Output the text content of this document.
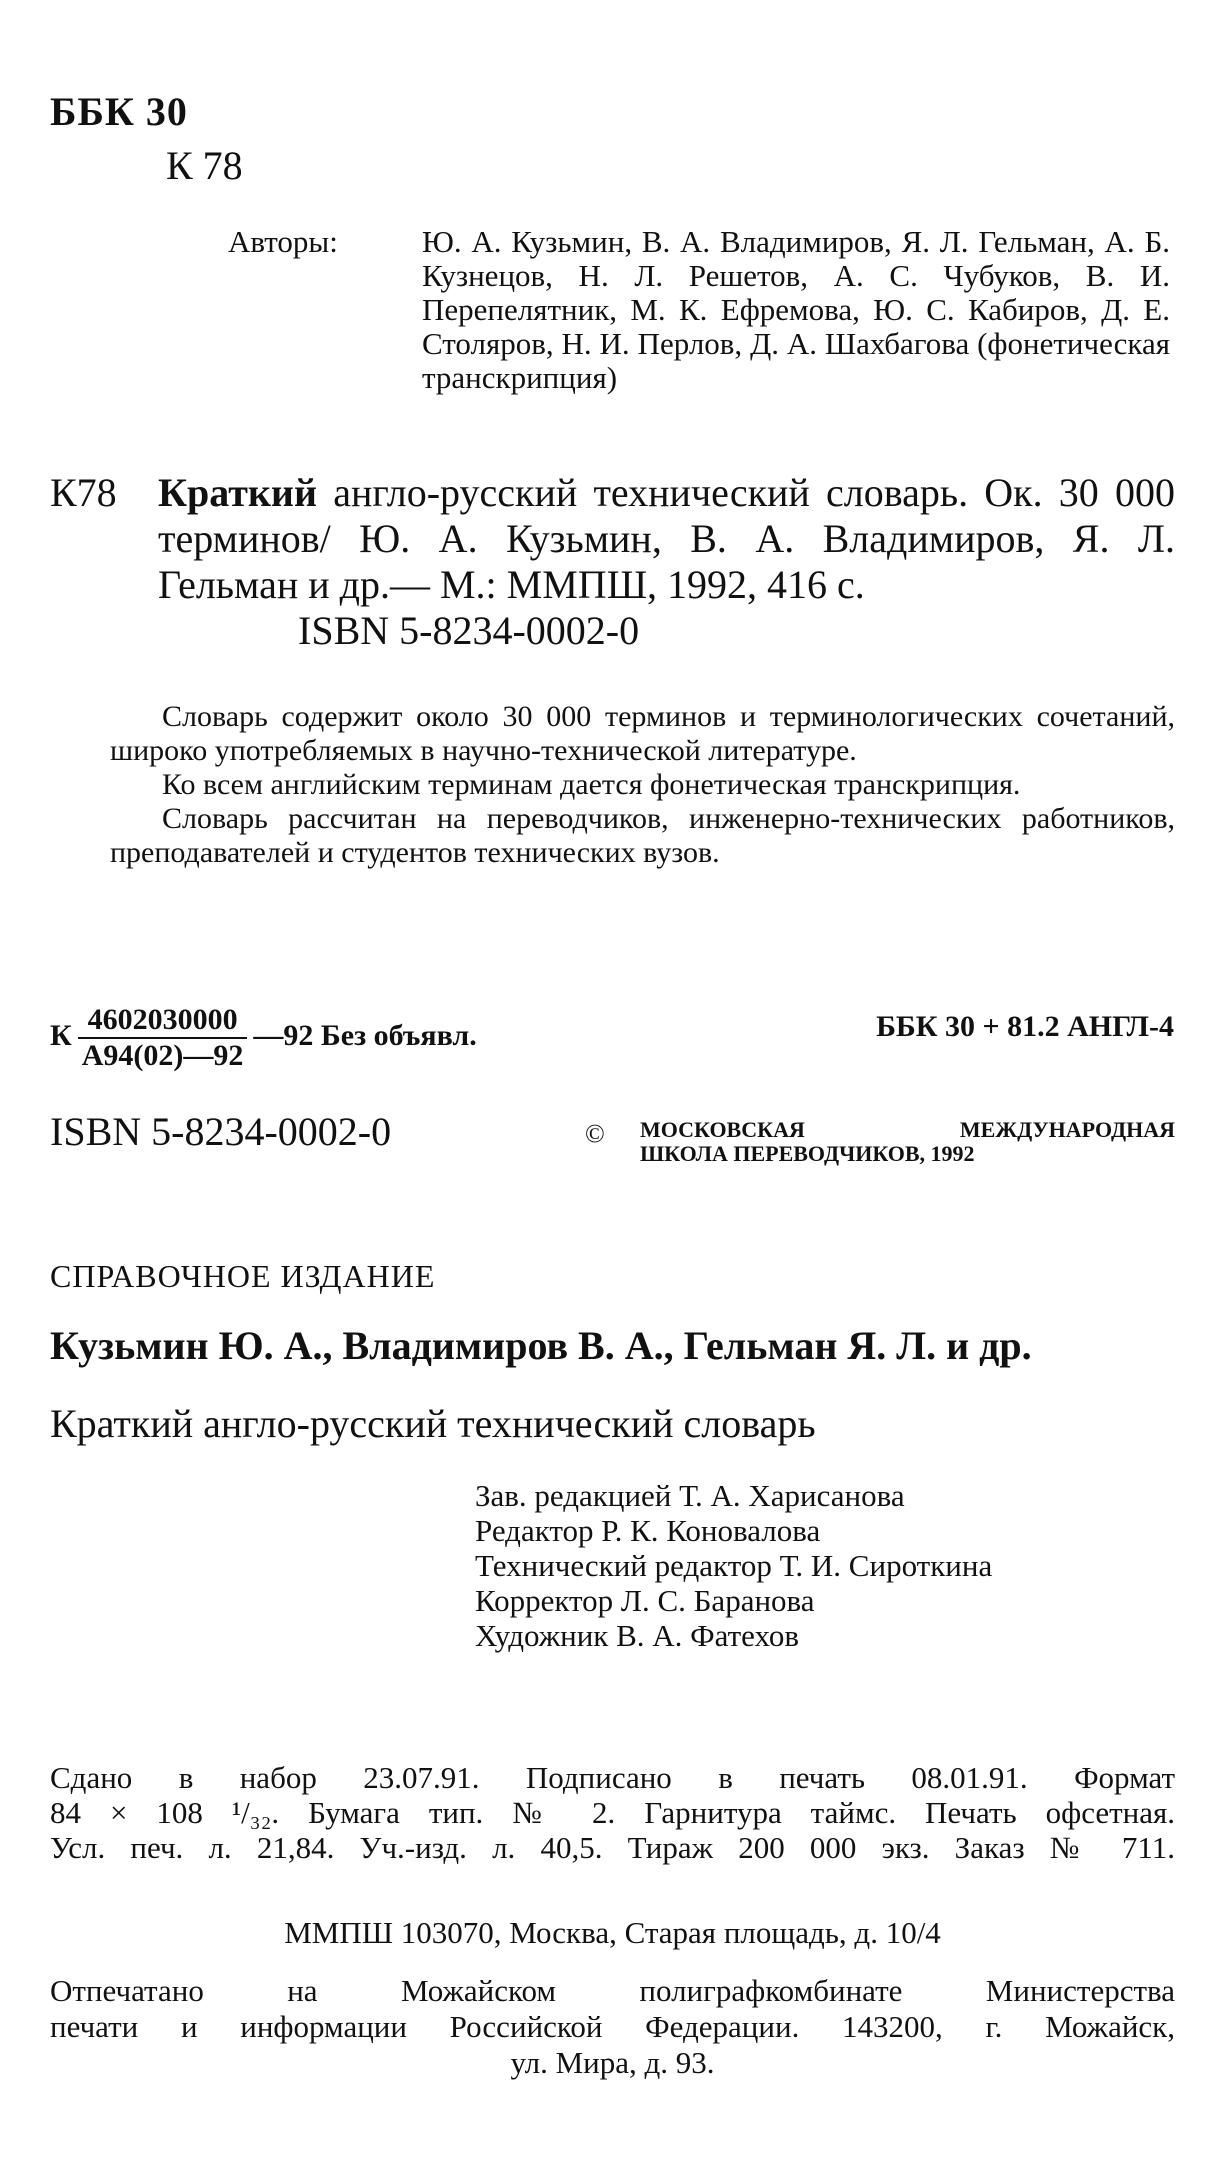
ББК 30
К 78
Авторы:	Ю. А. Кузьмин, В. А. Владимиров, Я. Л. Гельман, А. Б. Кузнецов, Н. Л. Решетов, А. С. Чубуков, В. И. Перепелятник, М. К. Ефремова, Ю. С. Кабиров, Д. Е. Столяров, Н. И. Перлов, Д. А. Шахбагова (фонетическая транскрипция)
К78 Краткий англо-русский технический словарь. Ок. 30 000 терминов/ Ю. А. Кузьмин, В. А. Владимиров, Я. Л. Гельман и др.— М.: ММПШ, 1992, 416 с.
ISBN 5-8234-0002-0

Словарь содержит около 30 000 терминов и терминологических сочетаний, широко употребляемых в научно-технической литературе.

Ко всем английским терминам дается фонетическая транскрипция.

Словарь рассчитан на переводчиков, инженерно-технических работников, преподавателей и студентов технических вузов.

К $\frac{4602030000}{А94(02)—92}$ —92 Без объявл.	ББК 30 + 81.2 АНГЛ-4
ISBN 5-8234-0002-0	© МОСКОВСКАЯ МЕЖДУНАРОДНАЯ
ШКОЛА ПЕРЕВОДЧИКОВ, 1992
СПРАВОЧНОЕ ИЗДАНИЕ
Кузьмин Ю. А., Владимиров В. А., Гельман Я. Л. и др.
Краткий англо-русский технический словарь
Зав. редакцией Т. А. Харисанова
Редактор Р. К. Коновалова
Технический редактор Т. И. Сироткина
Корректор Л. С. Баранова
Художник В. А. Фатехов

Сдано в набор 23.07.91. Подписано в печать 08.01.91. Формат

84 × 108 ¹/₃₂. Бумага тип. № 2. Гарнитура таймс. Печать офсетная.

Усл. печ. л. 21,84. Уч.-изд. л. 40,5. Тираж 200 000 экз. Заказ № 711.

ММПШ 103070, Москва, Старая площадь, д. 10/4

Отпечатано на Можайском полиграфкомбинате Министерства

печати и информации Российской Федерации. 143200, г. Можайск,

ул. Мира, д. 93.
